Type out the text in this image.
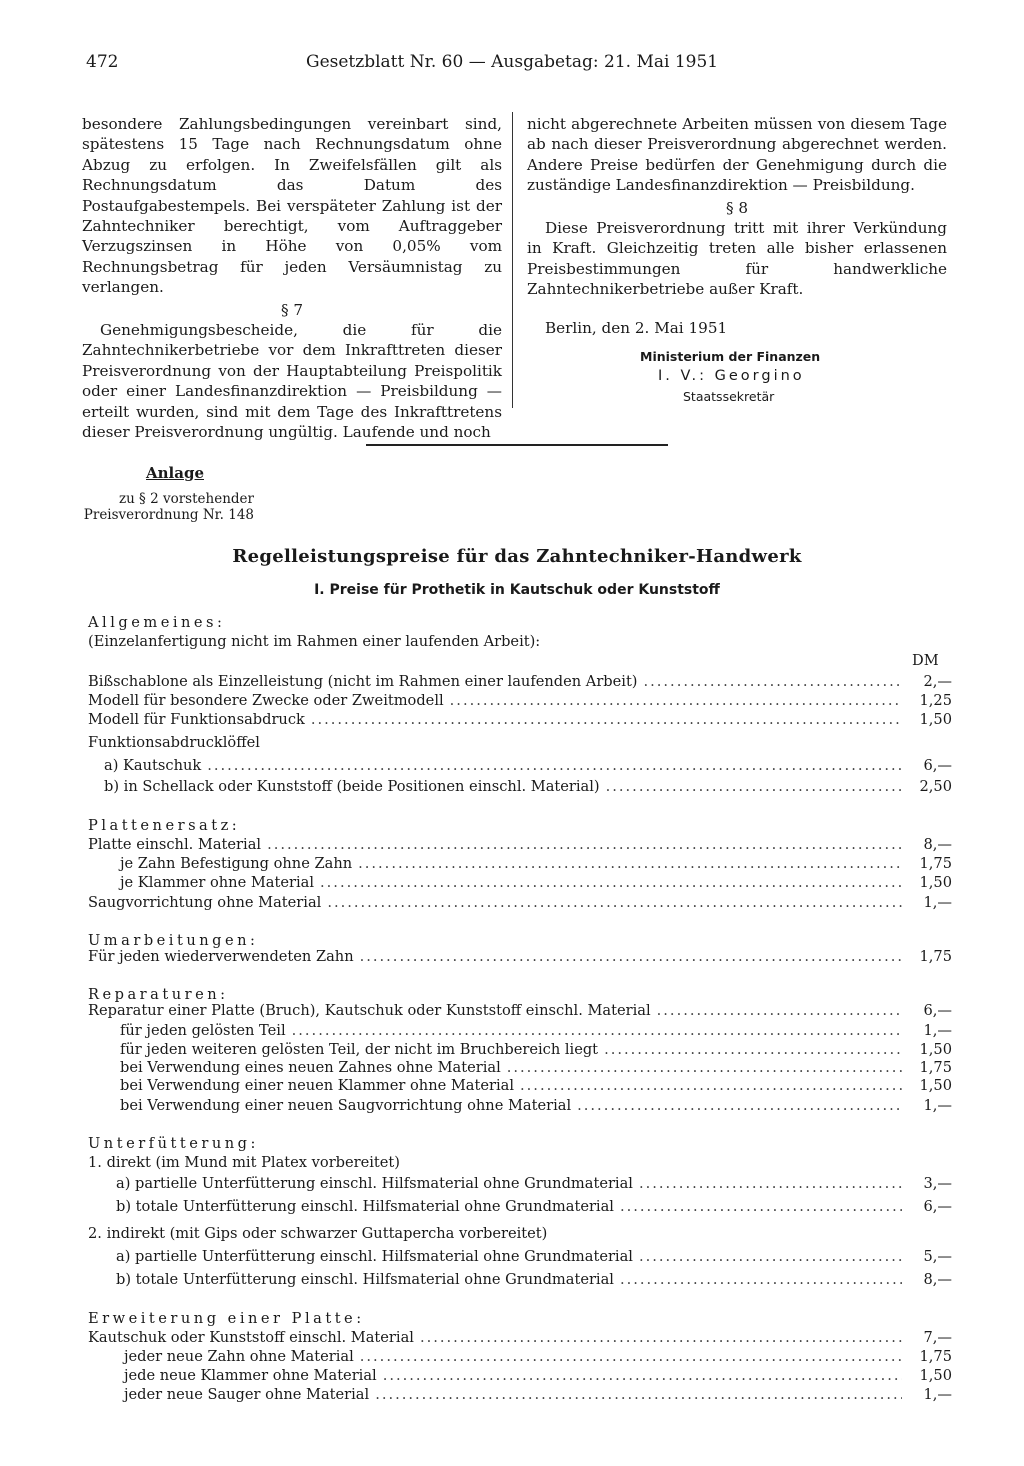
472	Gesetzblatt Nr. 60 — Ausgabetag: 21. Mai 1951

besondere Zahlungsbedingungen vereinbart sind, spätestens 15 Tage nach Rechnungsdatum ohne Abzug zu erfolgen. In Zweifelsfällen gilt als Rechnungsdatum das Datum des Postaufgabestempels. Bei verspäteter Zahlung ist der Zahntechniker berechtigt, vom Auftraggeber Verzugszinsen in Höhe von 0,05% vom Rechnungsbetrag für jeden Versäumnistag zu verlangen.

§ 7

Genehmigungsbescheide, die für die Zahntechnikerbetriebe vor dem Inkrafttreten dieser Preisverordnung von der Hauptabteilung Preispolitik oder einer Landesfinanzdirektion — Preisbildung — erteilt wurden, sind mit dem Tage des Inkrafttretens dieser Preisverordnung ungültig. Laufende und noch

nicht abgerechnete Arbeiten müssen von diesem Tage ab nach dieser Preisverordnung abgerechnet werden. Andere Preise bedürfen der Genehmigung durch die zuständige Landesfinanzdirektion — Preisbildung.

§ 8

Diese Preisverordnung tritt mit ihrer Verkündung in Kraft. Gleichzeitig treten alle bisher erlassenen Preisbestimmungen für handwerkliche Zahntechnikerbetriebe außer Kraft.

Berlin, den 2. Mai 1951
Ministerium der Finanzen
I. V.: Georgino
Staatssekretär
Anlage
zu § 2 vorstehender
Preisverordnung Nr. 148
Regelleistungspreise für das Zahntechniker-Handwerk
I. Preise für Prothetik in Kautschuk oder Kunststoff
Allgemeines:
(Einzelanfertigung nicht im Rahmen einer laufenden Arbeit):
DM
Bißschablone als Einzelleistung (nicht im Rahmen einer laufenden Arbeit) .....	2,—
Modell für besondere Zwecke oder Zweitmodell .....	1,25
Modell für Funktionsabdruck .....	1,50
Funktionsabdrucklöffel
a) Kautschuk .....	6,—
b) in Schellack oder Kunststoff (beide Positionen einschl. Material) .....	2,50
Plattenersatz:
Platte einschl. Material .....	8,—
je Zahn Befestigung ohne Zahn .....	1,75
je Klammer ohne Material .....	1,50
Saugvorrichtung ohne Material .....	1,—
Umarbeitungen:
Für jeden wiederverwendeten Zahn .....	1,75
Reparaturen:
Reparatur einer Platte (Bruch), Kautschuk oder Kunststoff einschl. Material .....	6,—
für jeden gelösten Teil .....	1,—
für jeden weiteren gelösten Teil, der nicht im Bruchbereich liegt .....	1,50
bei Verwendung eines neuen Zahnes ohne Material .....	1,75
bei Verwendung einer neuen Klammer ohne Material .....	1,50
bei Verwendung einer neuen Saugvorrichtung ohne Material .....	1,—
Unterfütterung:
1. direkt (im Mund mit Platex vorbereitet)
a) partielle Unterfütterung einschl. Hilfsmaterial ohne Grundmaterial .....	3,—
b) totale Unterfütterung einschl. Hilfsmaterial ohne Grundmaterial .....	6,—
2. indirekt (mit Gips oder schwarzer Guttapercha vorbereitet)
a) partielle Unterfütterung einschl. Hilfsmaterial ohne Grundmaterial .....	5,—
b) totale Unterfütterung einschl. Hilfsmaterial ohne Grundmaterial .....	8,—
Erweiterung einer Platte:
Kautschuk oder Kunststoff einschl. Material .....	7,—
jeder neue Zahn ohne Material .....	1,75
jede neue Klammer ohne Material .....	1,50
jeder neue Sauger ohne Material .....	1,—
